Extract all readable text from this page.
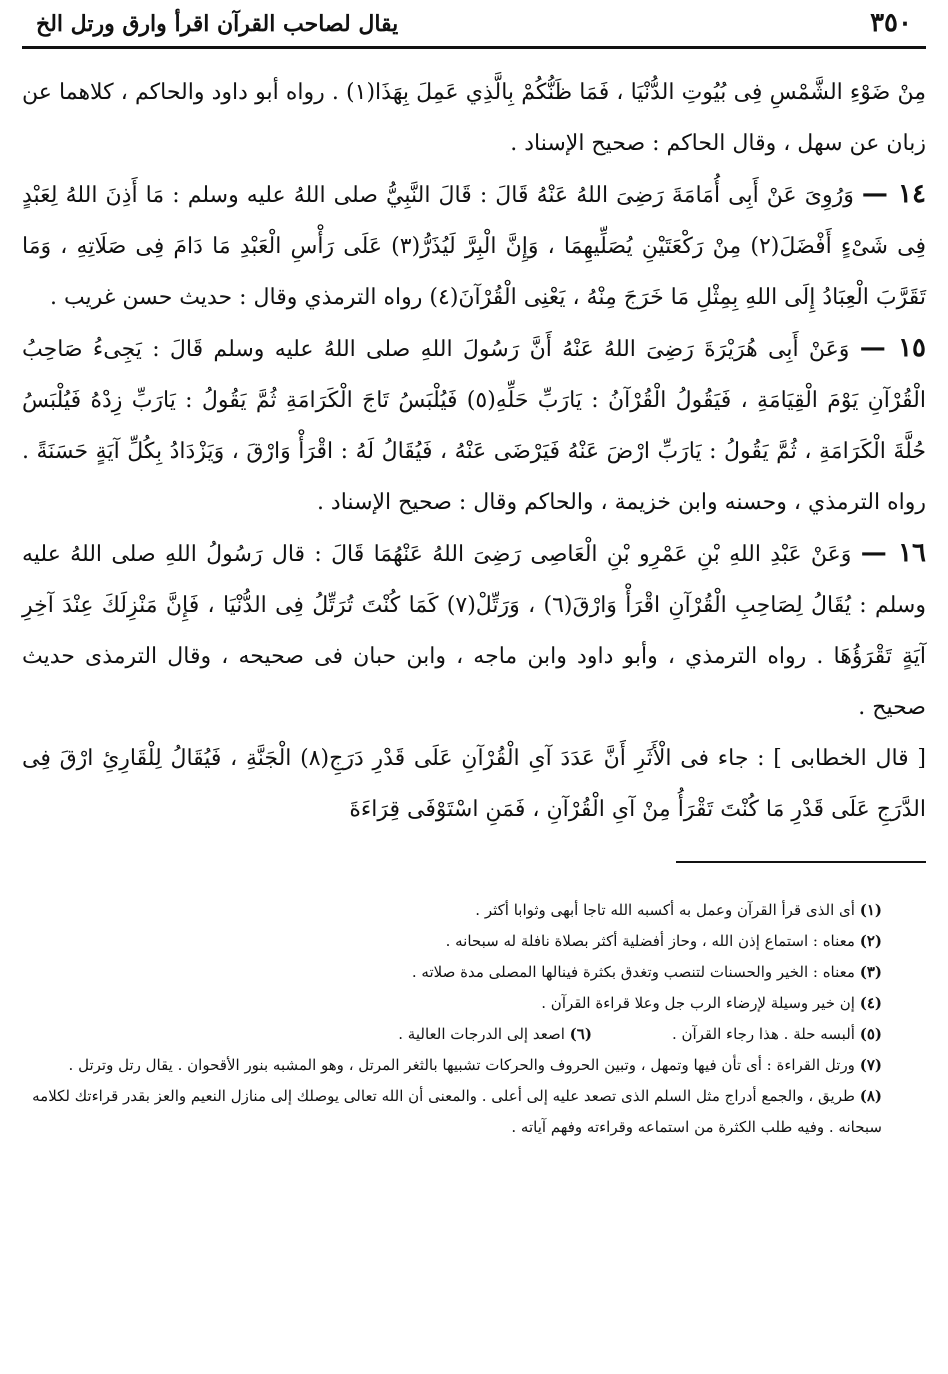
٣٥٠
يقال لصاحب القرآن اقرأ وارق ورتل الخ

مِنْ ضَوْءِ الشَّمْسِ فِى بُيُوتِ الدُّنْيَا ، فَمَا ظَنُّكُمْ بِالَّذِي عَمِلَ بِهَذَا(١) . رواه أبو داود والحاكم ، كلاهما عن زبان عن سهل ، وقال الحاكم : صحيح الإسناد .

١٤ — وَرُوِىَ عَنْ أَبِى أُمَامَةَ رَضِىَ اللهُ عَنْهُ قَالَ : قَالَ النَّبِيُّ صلى اللهُ عليه وسلم : مَا أَذِنَ اللهُ لِعَبْدٍ فِى شَىْءٍ أَفْضَلَ(٢) مِنْ رَكْعَتَيْنِ يُصَلِّيهِمَا ، وَإِنَّ الْبِرَّ لَيُذَرُّ(٣) عَلَى رَأْسِ الْعَبْدِ مَا دَامَ فِى صَلَاتِهِ ، وَمَا تَقَرَّبَ الْعِبَادُ إِلَى اللهِ بِمِثْلِ مَا خَرَجَ مِنْهُ ، يَعْنِى الْقُرْآنَ(٤) رواه الترمذي وقال : حديث حسن غريب .

١٥ — وَعَنْ أَبِى هُرَيْرَةَ رَضِىَ اللهُ عَنْهُ أَنَّ رَسُولَ اللهِ صلى اللهُ عليه وسلم قَالَ : يَجِىءُ صَاحِبُ الْقُرْآنِ يَوْمَ الْقِيَامَةِ ، فَيَقُولُ الْقُرْآنُ : يَارَبِّ حَلِّهِ(٥) فَيُلْبَسُ تَاجَ الْكَرَامَةِ ثُمَّ يَقُولُ : يَارَبِّ زِدْهُ فَيُلْبَسُ حُلَّةَ الْكَرَامَةِ ، ثُمَّ يَقُولُ : يَارَبِّ ارْضَ عَنْهُ فَيَرْضَى عَنْهُ ، فَيُقَالُ لَهُ : اقْرَأْ وَارْقَ ، وَيَزْدَادُ بِكُلِّ آيَةٍ حَسَنَةً . رواه الترمذي ، وحسنه وابن خزيمة ، والحاكم وقال : صحيح الإسناد .

١٦ — وَعَنْ عَبْدِ اللهِ بْنِ عَمْرِو بْنِ الْعَاصِى رَضِىَ اللهُ عَنْهُمَا قَالَ : قال رَسُولُ اللهِ صلى اللهُ عليه وسلم : يُقَالُ لِصَاحِبِ الْقُرْآنِ اقْرَأْ وَارْقَ(٦) ، وَرَتِّلْ(٧) كَمَا كُنْتَ تُرَتِّلُ فِى الدُّنْيَا ، فَإِنَّ مَنْزِلَكَ عِنْدَ آخِرِ آيَةٍ تَقْرَؤُهَا . رواه الترمذي ، وأبو داود وابن ماجه ، وابن حبان فى صحيحه ، وقال الترمذى حديث صحيح .

[ قال الخطابى ] : جاء فى الْأَثَرِ أَنَّ عَدَدَ آىِ الْقُرْآنِ عَلَى قَدْرِ دَرَجِ(٨) الْجَنَّةِ ، فَيُقَالُ لِلْقَارِئِ ارْقَ فِى الدَّرَجِ عَلَى قَدْرِ مَا كُنْتَ تَقْرَأُ مِنْ آىِ الْقُرْآنِ ، فَمَنِ اسْتَوْفَى قِرَاءَةَ

(١) أى الذى قرأ القرآن وعمل به أكسبه الله تاجا أبهى وثوابا أكثر .
(٢) معناه : استماع إذن الله ، وحاز أفضلية أكثر بصلاة نافلة له سبحانه .
(٣) معناه : الخير والحسنات لتنصب وتغدق بكثرة فينالها المصلى مدة صلاته .
(٤) إن خير وسيلة لإرضاء الرب جل وعلا قراءة القرآن .
(٥) ألبسه حلة . هذا رجاء القرآن .
(٦) اصعد إلى الدرجات العالية .
(٧) ورتل القراءة : أى تأن فيها وتمهل ، وتبين الحروف والحركات تشبيها بالثغر المرتل ، وهو المشبه بنور الأقحوان . يقال رتل وترتل .
(٨) طريق ، والجمع أدراج مثل السلم الذى تصعد عليه إلى أعلى . والمعنى أن الله تعالى يوصلك إلى منازل النعيم والعز بقدر قراءتك لكلامه سبحانه . وفيه طلب الكثرة من استماعه وقراءته وفهم آياته .
